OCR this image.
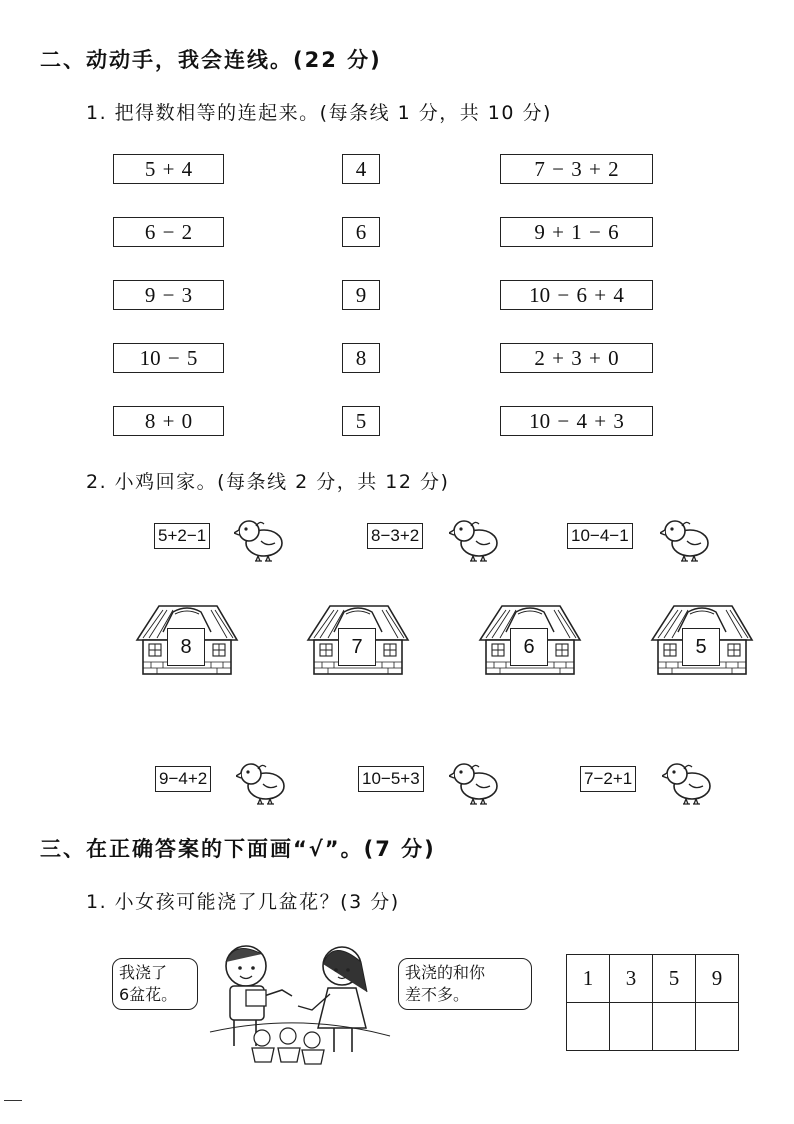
二、动动手，我会连线。(22 分)
1. 把得数相等的连起来。(每条线 1 分，共 10 分)
5 + 4
6 − 2
9 − 3
10 − 5
8 + 0
4
6
9
8
5
7 − 3 + 2
9 + 1 − 6
10 − 6 + 4
2 + 3 + 0
10 − 4 + 3
2. 小鸡回家。(每条线 2 分，共 12 分)
5+2−1	8−3+2	10−4−1
8	7	6	5
9−4+2	10−5+3	7−2+1
三、在正确答案的下面画“√”。(7 分)
1. 小女孩可能浇了几盆花？(3 分)
我浇了
6盆花。
我浇的和你
差不多。
1	3	5	9
